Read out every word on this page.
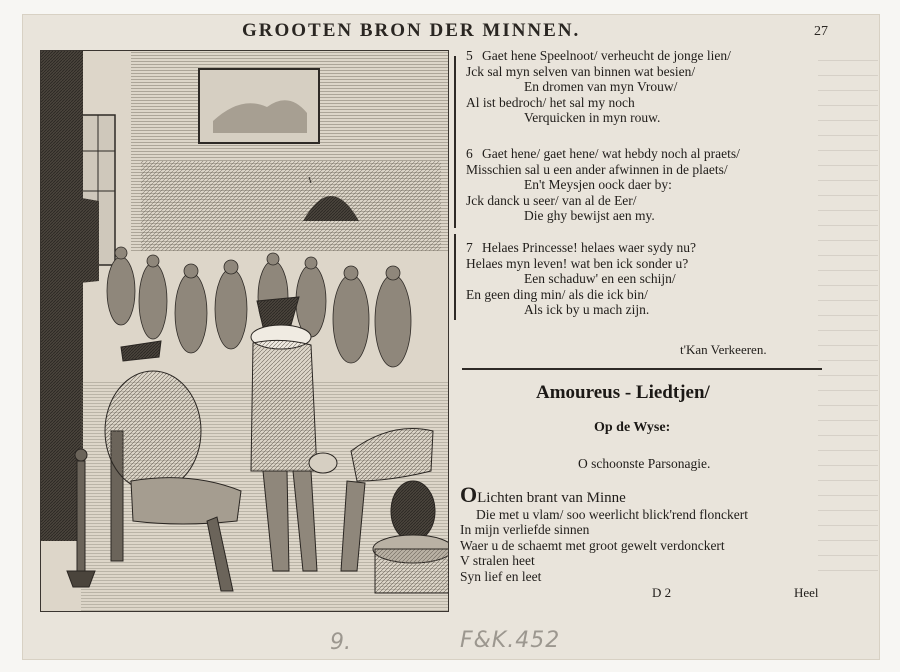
GROOTEN BRON DER MINNEN.	27
5 Gaet hene Speelnoot/ verheucht de jonge lien/
Jck sal myn selven van binnen wat besien/
En dromen van myn Vrouw/
Al ist bedroch/ het sal my noch
Verquicken in myn rouw.
6 Gaet hene/ gaet hene/ wat hebdy noch al praets/
Misschien sal u een ander afwinnen in de plaets/
En't Meysjen oock daer by:
Jck danck u seer/ van al de Eer/
Die ghy bewijst aen my.
7 Helaes Princesse! helaes waer sydy nu?
Helaes myn leven! wat ben ick sonder u?
Een schaduw' en een schijn/
En geen ding min/ als die ick bin/
Als ick by u mach zijn.
t'Kan Verkeeren.
Amoureus - Liedtjen/
Op de Wyse:
O schoonste Parsonagie.
OLichten brant van Minne
Die met u vlam/ soo weerlicht blick'rend flonckert
In mijn verliefde sinnen
Waer u de schaemt met groot gewelt verdonckert
V stralen heet
Syn lief en leet
D 2	Heel
9.	F&K.452
